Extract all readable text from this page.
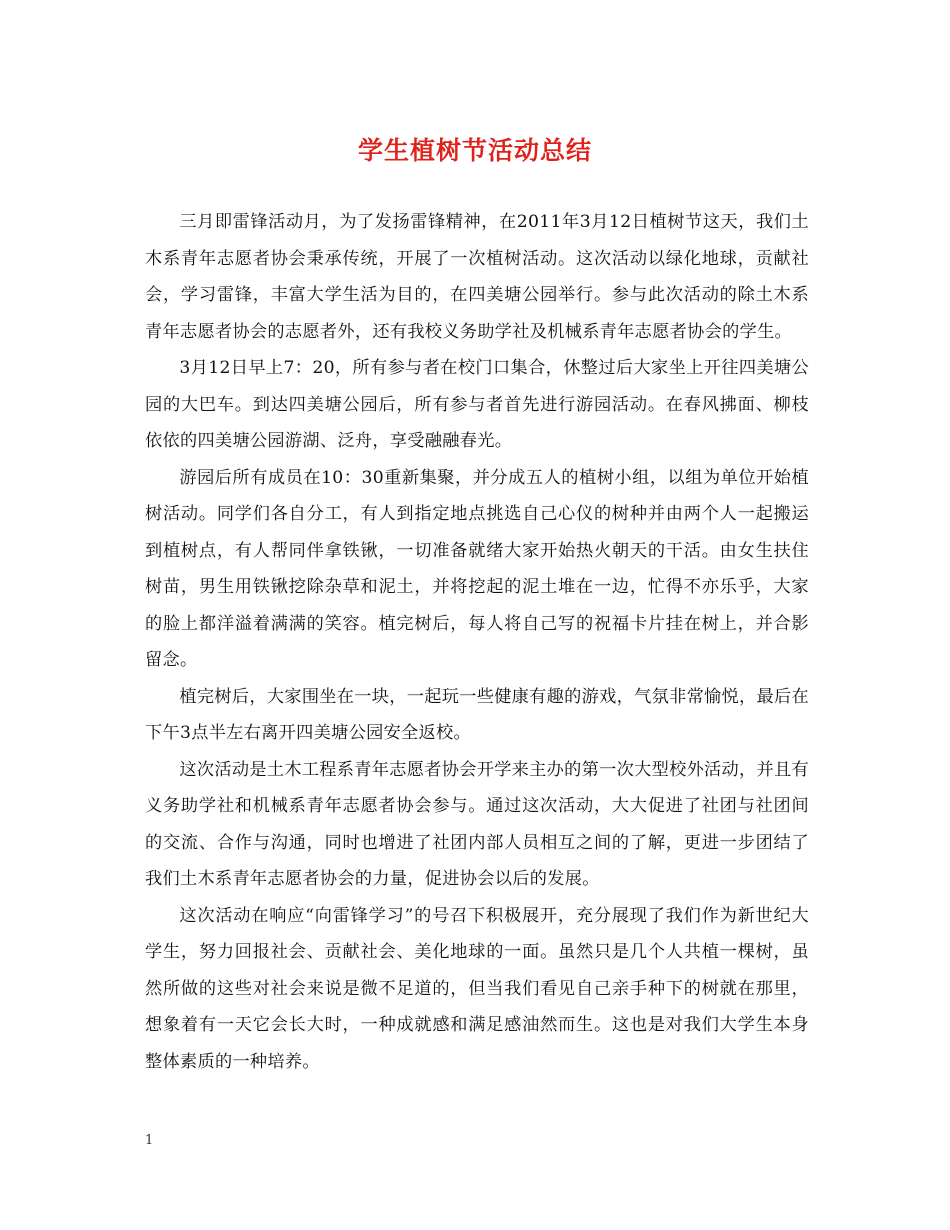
学生植树节活动总结

三月即雷锋活动月，为了发扬雷锋精神，在2011年3月12日植树节这天，我们土木系青年志愿者协会秉承传统，开展了一次植树活动。这次活动以绿化地球，贡献社会，学习雷锋，丰富大学生活为目的，在四美塘公园举行。参与此次活动的除土木系青年志愿者协会的志愿者外，还有我校义务助学社及机械系青年志愿者协会的学生。

3月12日早上7：20，所有参与者在校门口集合，休整过后大家坐上开往四美塘公园的大巴车。到达四美塘公园后，所有参与者首先进行游园活动。在春风拂面、柳枝依依的四美塘公园游湖、泛舟，享受融融春光。

游园后所有成员在10：30重新集聚，并分成五人的植树小组，以组为单位开始植树活动。同学们各自分工，有人到指定地点挑选自己心仪的树种并由两个人一起搬运到植树点，有人帮同伴拿铁锹，一切准备就绪大家开始热火朝天的干活。由女生扶住树苗，男生用铁锹挖除杂草和泥土，并将挖起的泥土堆在一边，忙得不亦乐乎，大家的脸上都洋溢着满满的笑容。植完树后，每人将自己写的祝福卡片挂在树上，并合影留念。

植完树后，大家围坐在一块，一起玩一些健康有趣的游戏，气氛非常愉悦，最后在下午3点半左右离开四美塘公园安全返校。

这次活动是土木工程系青年志愿者协会开学来主办的第一次大型校外活动，并且有义务助学社和机械系青年志愿者协会参与。通过这次活动，大大促进了社团与社团间的交流、合作与沟通，同时也增进了社团内部人员相互之间的了解，更进一步团结了我们土木系青年志愿者协会的力量，促进协会以后的发展。

这次活动在响应“向雷锋学习”的号召下积极展开，充分展现了我们作为新世纪大学生，努力回报社会、贡献社会、美化地球的一面。虽然只是几个人共植一棵树，虽然所做的这些对社会来说是微不足道的，但当我们看见自己亲手种下的树就在那里，想象着有一天它会长大时，一种成就感和满足感油然而生。这也是对我们大学生本身整体素质的一种培养。

1
